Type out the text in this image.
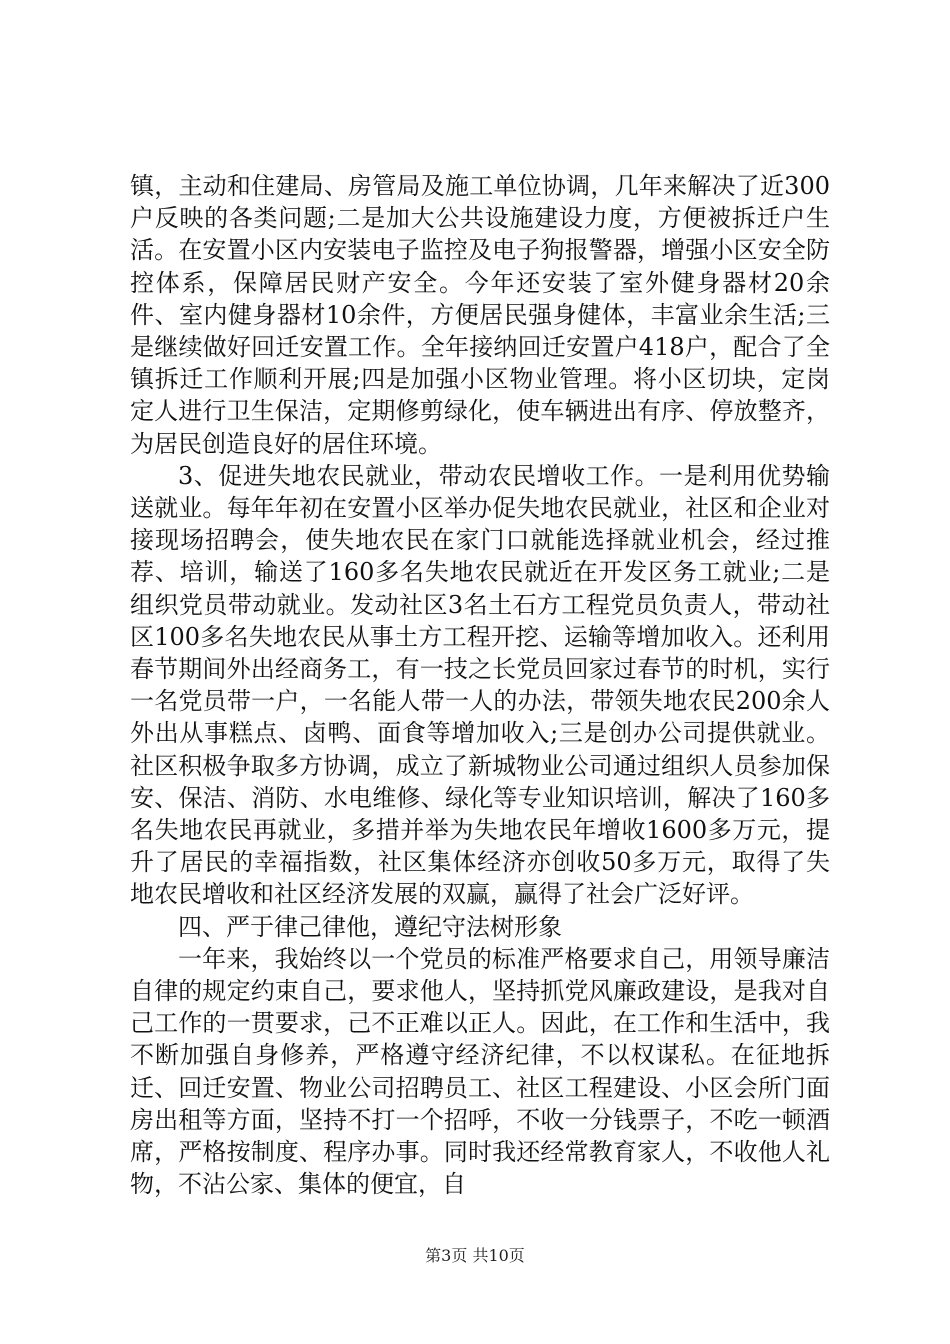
镇，主动和住建局、房管局及施工单位协调，几年来解决了近300户反映的各类问题;二是加大公共设施建设力度，方便被拆迁户生活。在安置小区内安装电子监控及电子狗报警器，增强小区安全防控体系，保障居民财产安全。今年还安装了室外健身器材20余件、室内健身器材10余件，方便居民强身健体，丰富业余生活;三是继续做好回迁安置工作。全年接纳回迁安置户418户，配合了全镇拆迁工作顺利开展;四是加强小区物业管理。将小区切块，定岗定人进行卫生保洁，定期修剪绿化，使车辆进出有序、停放整齐，为居民创造良好的居住环境。

3、促进失地农民就业，带动农民增收工作。一是利用优势输送就业。每年年初在安置小区举办促失地农民就业，社区和企业对接现场招聘会，使失地农民在家门口就能选择就业机会，经过推荐、培训，输送了160多名失地农民就近在开发区务工就业;二是组织党员带动就业。发动社区3名土石方工程党员负责人，带动社区100多名失地农民从事土方工程开挖、运输等增加收入。还利用春节期间外出经商务工，有一技之长党员回家过春节的时机，实行一名党员带一户，一名能人带一人的办法，带领失地农民200余人外出从事糕点、卤鸭、面食等增加收入;三是创办公司提供就业。社区积极争取多方协调，成立了新城物业公司通过组织人员参加保安、保洁、消防、水电维修、绿化等专业知识培训，解决了160多名失地农民再就业，多措并举为失地农民年增收1600多万元，提升了居民的幸福指数，社区集体经济亦创收50多万元，取得了失地农民增收和社区经济发展的双赢，赢得了社会广泛好评。

四、严于律己律他，遵纪守法树形象

一年来，我始终以一个党员的标准严格要求自己，用领导廉洁自律的规定约束自己，要求他人，坚持抓党风廉政建设，是我对自己工作的一贯要求，己不正难以正人。因此，在工作和生活中，我不断加强自身修养，严格遵守经济纪律，不以权谋私。在征地拆迁、回迁安置、物业公司招聘员工、社区工程建设、小区会所门面房出租等方面，坚持不打一个招呼，不收一分钱票子，不吃一顿酒席，严格按制度、程序办事。同时我还经常教育家人，不收他人礼物，不沾公家、集体的便宜，自

第3页 共10页
